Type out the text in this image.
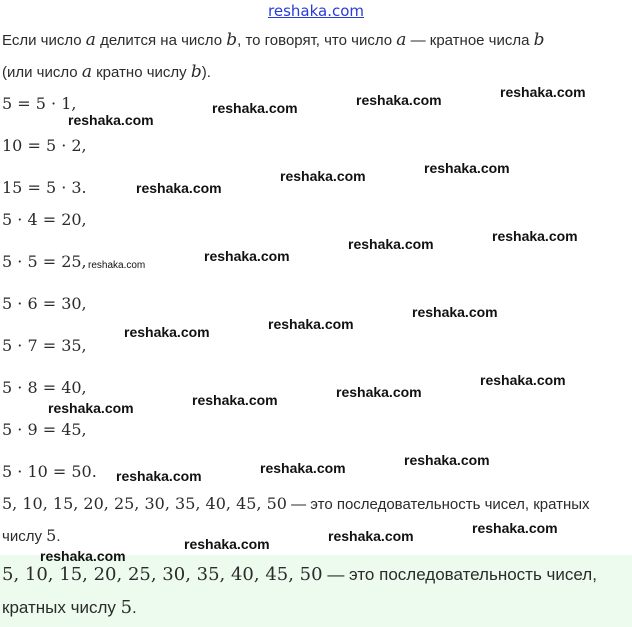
reshaka.com
Если число a делится на число b, то говорят, что число a — кратное числа b
(или число a кратно числу b).
5 = 5 · 1,
10 = 5 · 2,
15 = 5 · 3.
5 · 4 = 20,
5 · 5 = 25,
5 · 6 = 30,
5 · 7 = 35,
5 · 8 = 40,
5 · 9 = 45,
5 · 10 = 50.
5, 10, 15, 20, 25, 30, 35, 40, 45, 50 — это последовательность чисел, кратных
числу 5.
5, 10, 15, 20, 25, 30, 35, 40, 45, 50 — это последовательность чисел,
кратных числу 5.
reshaka.com
reshaka.com
reshaka.com
reshaka.com
reshaka.com
reshaka.com
reshaka.com
reshaka.com
reshaka.com
reshaka.com
reshaka.com
reshaka.com
reshaka.com
reshaka.com
reshaka.com
reshaka.com
reshaka.com
reshaka.com
reshaka.com
reshaka.com
reshaka.com
reshaka.com
reshaka.com
reshaka.com
reshaka.com
